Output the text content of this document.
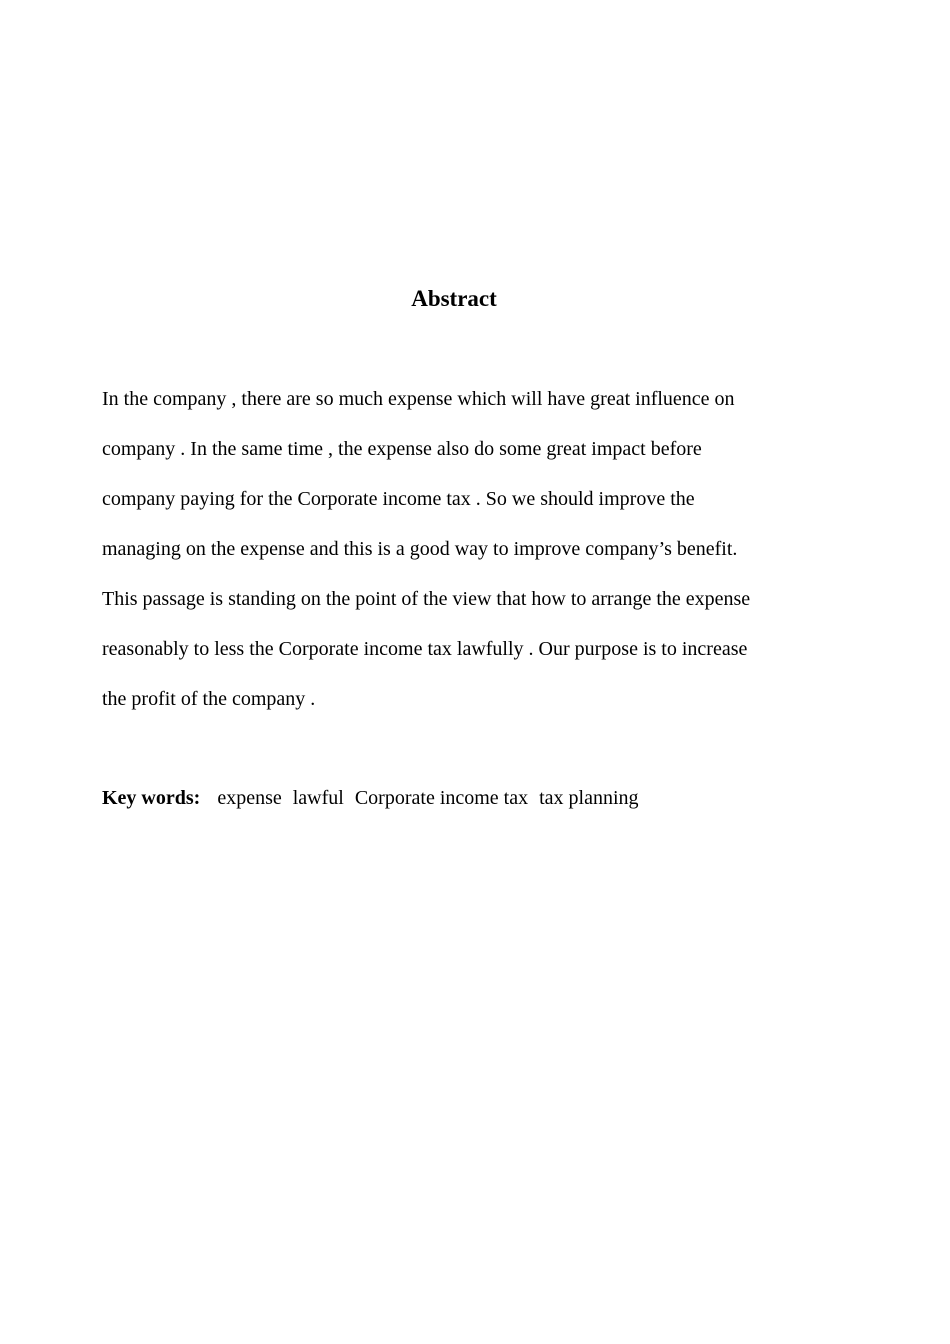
Abstract
In the company , there are so much expense which will have great influence on
company . In the same time , the expense also do some great impact before
company paying for the Corporate income tax . So we should improve the
managing on the expense and this is a good way to improve company’s benefit.
This passage is standing on the point of the view that how to arrange the expense
reasonably to less the Corporate income tax lawfully . Our purpose is to increase
the profit of the company .
Key words: expense lawful Corporate income tax tax planning
